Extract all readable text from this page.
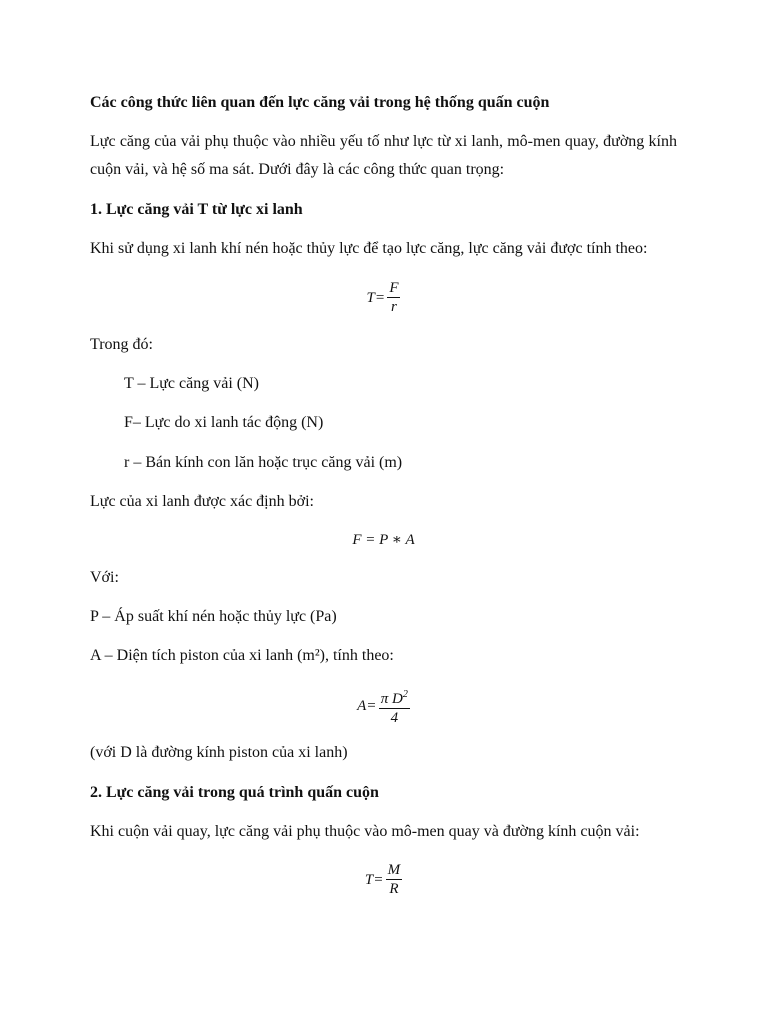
Các công thức liên quan đến lực căng vải trong hệ thống quấn cuộn
Lực căng của vải phụ thuộc vào nhiều yếu tố như lực từ xi lanh, mô-men quay, đường kính cuộn vải, và hệ số ma sát. Dưới đây là các công thức quan trọng:
1. Lực căng vải T từ lực xi lanh
Khi sử dụng xi lanh khí nén hoặc thủy lực để tạo lực căng, lực căng vải được tính theo:
$T = \frac{F}{r}$
Trong đó:
T – Lực căng vải (N)
F– Lực do xi lanh tác động (N)
r – Bán kính con lăn hoặc trục căng vải (m)
Lực của xi lanh được xác định bởi:
F = P ∗ A
Với:
P – Áp suất khí nén hoặc thủy lực (Pa)
A – Diện tích piston của xi lanh (m²), tính theo:
$A = \frac{\pi D^2}{4}$
(với D là đường kính piston của xi lanh)
2. Lực căng vải trong quá trình quấn cuộn
Khi cuộn vải quay, lực căng vải phụ thuộc vào mô-men quay và đường kính cuộn vải:
$T = \frac{M}{R}$
